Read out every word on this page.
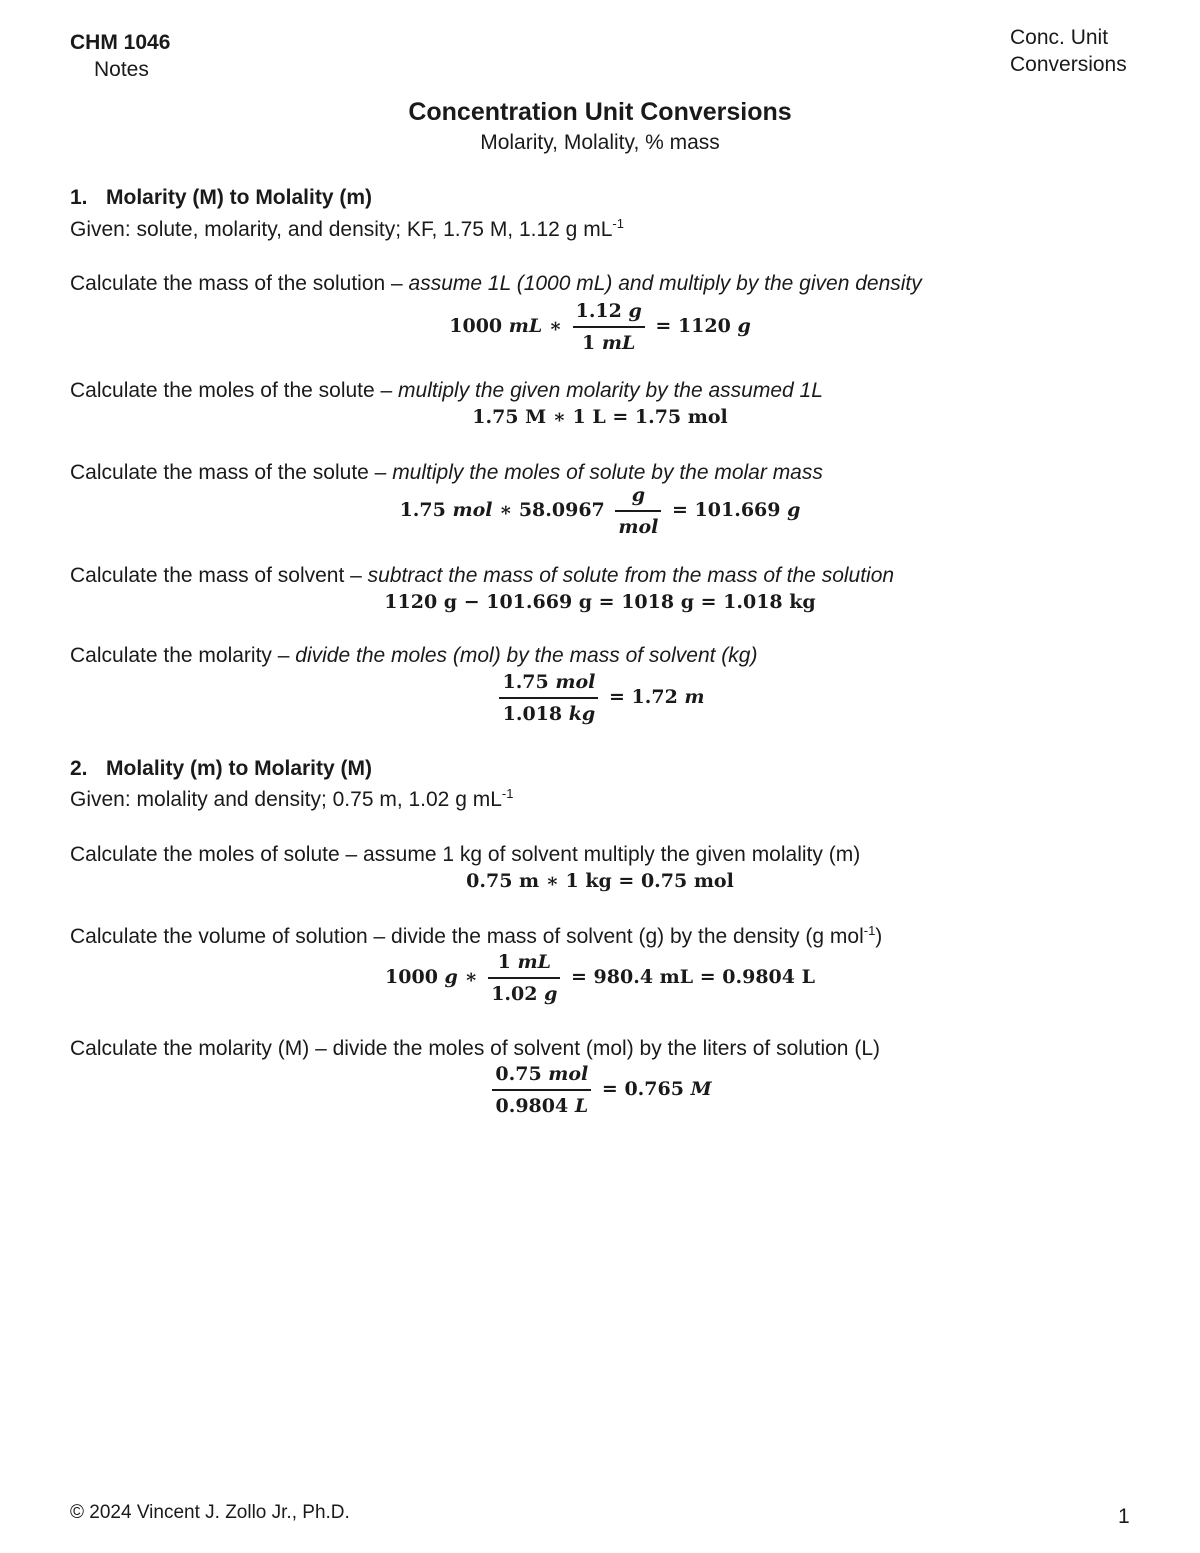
CHM 1046
Notes
Conc. Unit
Conversions
Concentration Unit Conversions
Molarity, Molality, % mass
1. Molarity (M) to Molality (m)
Given: solute, molarity, and density; KF, 1.75 M, 1.12 g $mL^{-1}$
Calculate the mass of the solution – assume 1L (1000 mL) and multiply by the given density
1000 mL ∗ $\frac{1.12 g}{1 mL} = 1120$ g
Calculate the moles of the solute – multiply the given molarity by the assumed 1L
1.75 M ∗ 1 L = 1.75 mol
Calculate the mass of the solute – multiply the moles of solute by the molar mass
1.75 mol ∗ $58.0967 \frac{g}{\text{mol}} = 101.669$ g
Calculate the mass of solvent – subtract the mass of solute from the mass of the solution
1120 g − 101.669 g = 1018 g = 1.018 kg
Calculate the molarity – divide the moles (mol) by the mass of solvent (kg)
$\frac{\text{1.75 mol}}{1.018 kg} = 1.72$ m
2. Molality (m) to Molarity (M)
Given: molality and density; 0.75 m, 1.02 g $mL^{-1}$
Calculate the moles of solute – assume 1 kg of solvent multiply the given molality (m)
0.75 m ∗ 1 kg = 0.75 mol
Calculate the volume of solution – divide the mass of solvent (g) by the density (g mol$^{-1}$)
1000 g ∗ $\frac{1 mL}{1.02 g} = 980.4$ mL = 0.9804 L
Calculate the molarity (M) – divide the moles of solvent (mol) by the liters of solution (L)
$\frac{\text{0.75 mol}}{0.9804 L} = 0.765$ M
© 2024 Vincent J. Zollo Jr., Ph.D.	1
